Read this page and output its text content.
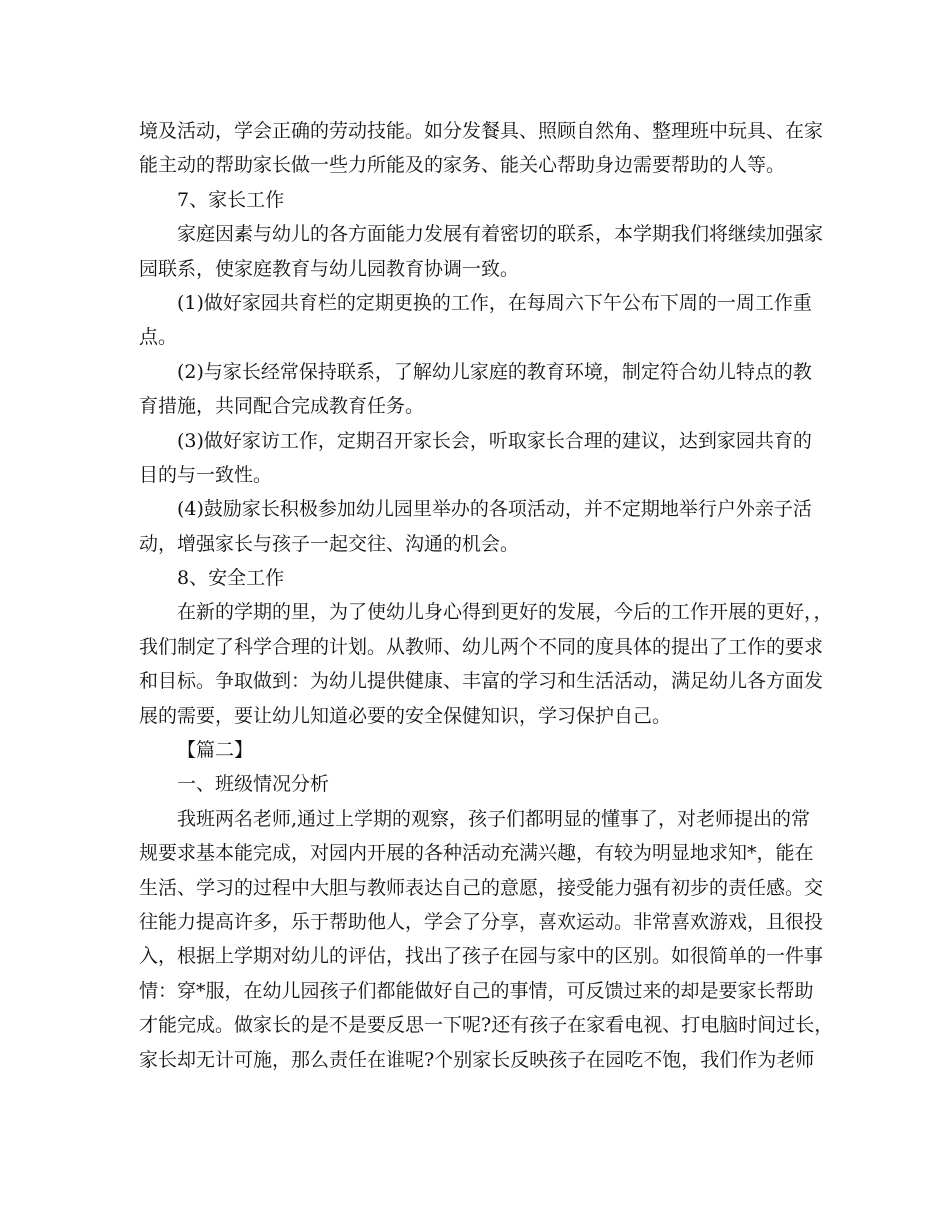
境及活动，学会正确的劳动技能。如分发餐具、照顾自然角、整理班中玩具、在家
能主动的帮助家长做一些力所能及的家务、能关心帮助身边需要帮助的人等。
7、家长工作
家庭因素与幼儿的各方面能力发展有着密切的联系，本学期我们将继续加强家
园联系，使家庭教育与幼儿园教育协调一致。
(1)做好家园共育栏的定期更换的工作，在每周六下午公布下周的一周工作重
点。
(2)与家长经常保持联系，了解幼儿家庭的教育环境，制定符合幼儿特点的教
育措施，共同配合完成教育任务。
(3)做好家访工作，定期召开家长会，听取家长合理的建议，达到家园共育的
目的与一致性。
(4)鼓励家长积极参加幼儿园里举办的各项活动，并不定期地举行户外亲子活
动，增强家长与孩子一起交往、沟通的机会。
8、安全工作
在新的学期的里，为了使幼儿身心得到更好的发展，今后的工作开展的更好，，
我们制定了科学合理的计划。从教师、幼儿两个不同的度具体的提出了工作的要求
和目标。争取做到：为幼儿提供健康、丰富的学习和生活活动，满足幼儿各方面发
展的需要，要让幼儿知道必要的安全保健知识，学习保护自己。
【篇二】
一、班级情况分析
我班两名老师,通过上学期的观察，孩子们都明显的懂事了，对老师提出的常
规要求基本能完成，对园内开展的各种活动充满兴趣，有较为明显地求知*，能在
生活、学习的过程中大胆与教师表达自己的意愿，接受能力强有初步的责任感。交
往能力提高许多，乐于帮助他人，学会了分享，喜欢运动。非常喜欢游戏，且很投
入，根据上学期对幼儿的评估，找出了孩子在园与家中的区别。如很简单的一件事
情：穿*服，在幼儿园孩子们都能做好自己的事情，可反馈过来的却是要家长帮助
才能完成。做家长的是不是要反思一下呢?还有孩子在家看电视、打电脑时间过长，
家长却无计可施，那么责任在谁呢?个别家长反映孩子在园吃不饱，我们作为老师
